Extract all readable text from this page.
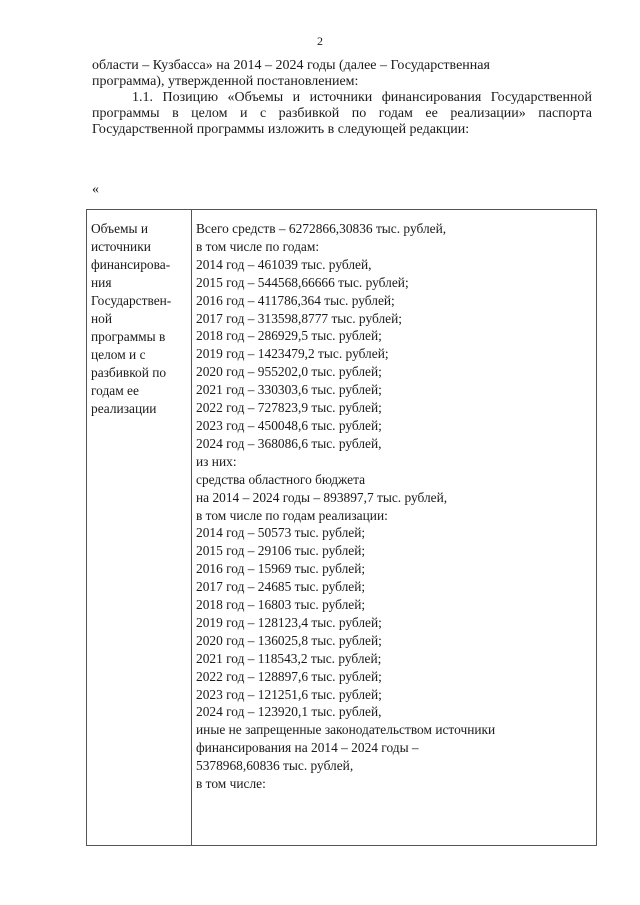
2

области – Кузбасса» на 2014 – 2024 годы (далее – Государственная

программа), утвержденной постановлением:

1.1. Позицию «Объемы и источники финансирования Государственной программы в целом и с разбивкой по годам ее реализации» паспорта Государственной программы изложить в следующей редакции:

«
Объемы и
источники
финансирова-
ния
Государствен-
ной
программы в
целом и с
разбивкой по
годам ее
реализации
Всего средств – 6272866,30836 тыс. рублей,
в том числе по годам:
2014 год – 461039 тыс. рублей,
2015 год – 544568,66666 тыс. рублей;
2016 год – 411786,364 тыс. рублей;
2017 год – 313598,8777 тыс. рублей;
2018 год – 286929,5 тыс. рублей;
2019 год – 1423479,2 тыс. рублей;
2020 год – 955202,0 тыс. рублей;
2021 год – 330303,6 тыс. рублей;
2022 год – 727823,9 тыс. рублей;
2023 год – 450048,6 тыс. рублей;
2024 год – 368086,6 тыс. рублей,
из них:
средства областного бюджета
на 2014 – 2024 годы – 893897,7 тыс. рублей,
в том числе по годам реализации:
2014 год – 50573 тыс. рублей;
2015 год – 29106 тыс. рублей;
2016 год – 15969 тыс. рублей;
2017 год – 24685 тыс. рублей;
2018 год – 16803 тыс. рублей;
2019 год – 128123,4 тыс. рублей;
2020 год – 136025,8 тыс. рублей;
2021 год – 118543,2 тыс. рублей;
2022 год – 128897,6 тыс. рублей;
2023 год – 121251,6 тыс. рублей;
2024 год – 123920,1 тыс. рублей,
иные не запрещенные законодательством источники
финансирования на 2014 – 2024 годы –
5378968,60836 тыс. рублей,
в том числе:
